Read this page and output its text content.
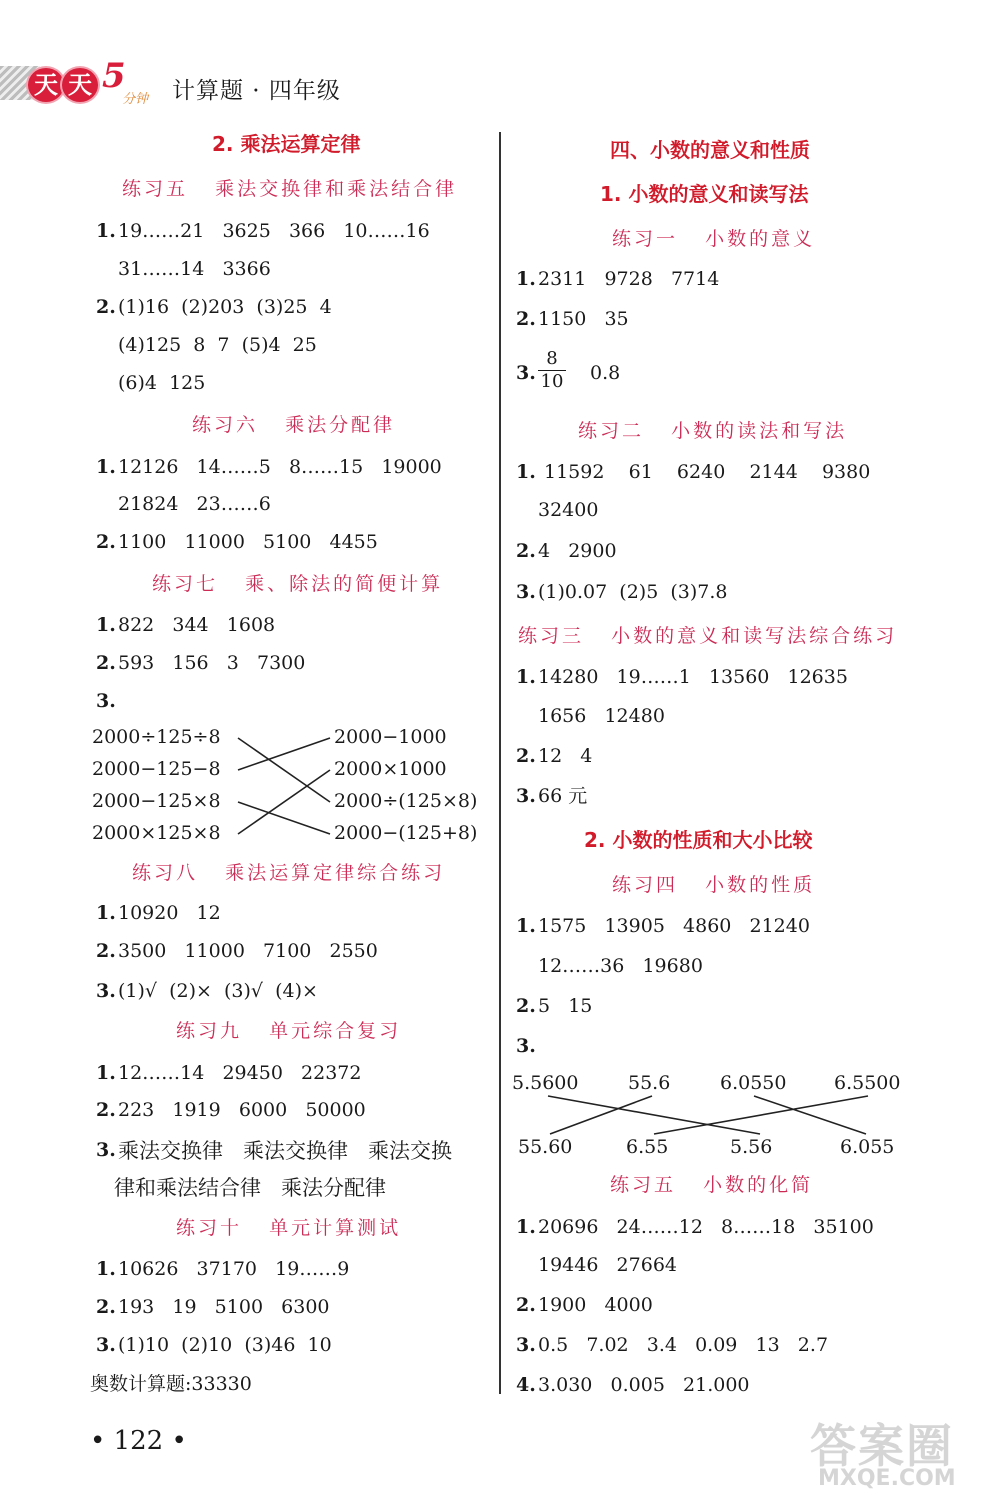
天 天 5
分钟 计算题 · 四年级
2. 乘法运算定律
练习五   乘法交换律和乘法结合律
1. 19……21   3625   366   10……16
31……14   3366
2. (1)16  (2)203  (3)25  4
(4)125  8  7  (5)4  25
(6)4  125
练习六   乘法分配律
1. 12126   14……5   8……15   19000
21824   23……6
2. 1100   11000   5100   4455
练习七   乘、除法的简便计算
1. 822   344   1608
2. 593   156   3   7300
3.
2000÷125÷8
2000−125−8
2000−125×8
2000×125×8
2000−1000
2000×1000
2000÷(125×8)
2000−(125+8)
练习八   乘法运算定律综合练习
1. 10920   12
2. 3500   11000   7100   2550
3. (1)√  (2)×  (3)√  (4)×
练习九   单元综合复习
1. 12……14   29450   22372
2. 223   1919   6000   50000
3. 乘法交换律   乘法交换律   乘法交换
律和乘法结合律   乘法分配律
练习十   单元计算测试
1. 10626   37170   19……9
2. 193   19   5100   6300
3. (1)10  (2)10  (3)46  10
奥数计算题:33330
四、小数的意义和性质
1. 小数的意义和读写法
练习一   小数的意义
1. 2311   9728   7714
2. 1150   35
3. $\frac{8}{10} 0.8$
练习二   小数的读法和写法
1. 11592    61    6240    2144    9380
32400
2. 4   2900
3. (1)0.07  (2)5  (3)7.8
练习三   小数的意义和读写法综合练习
1. 14280   19……1   13560   12635
1656   12480
2. 12   4
3. 66 元
2. 小数的性质和大小比较
练习四   小数的性质
1. 1575   13905   4860   21240
12……36   19680
2. 5   15
3.
5.5600	55.6	6.0550	6.5500
55.60	6.55	5.56	6.055
练习五   小数的化简
1. 20696   24……12   8……18   35100
19446   27664
2. 1900   4000
3. 0.5   7.02   3.4   0.09   13   2.7
4. 3.030   0.005   21.000
• 122 •	答案圈
MXQE.COM
